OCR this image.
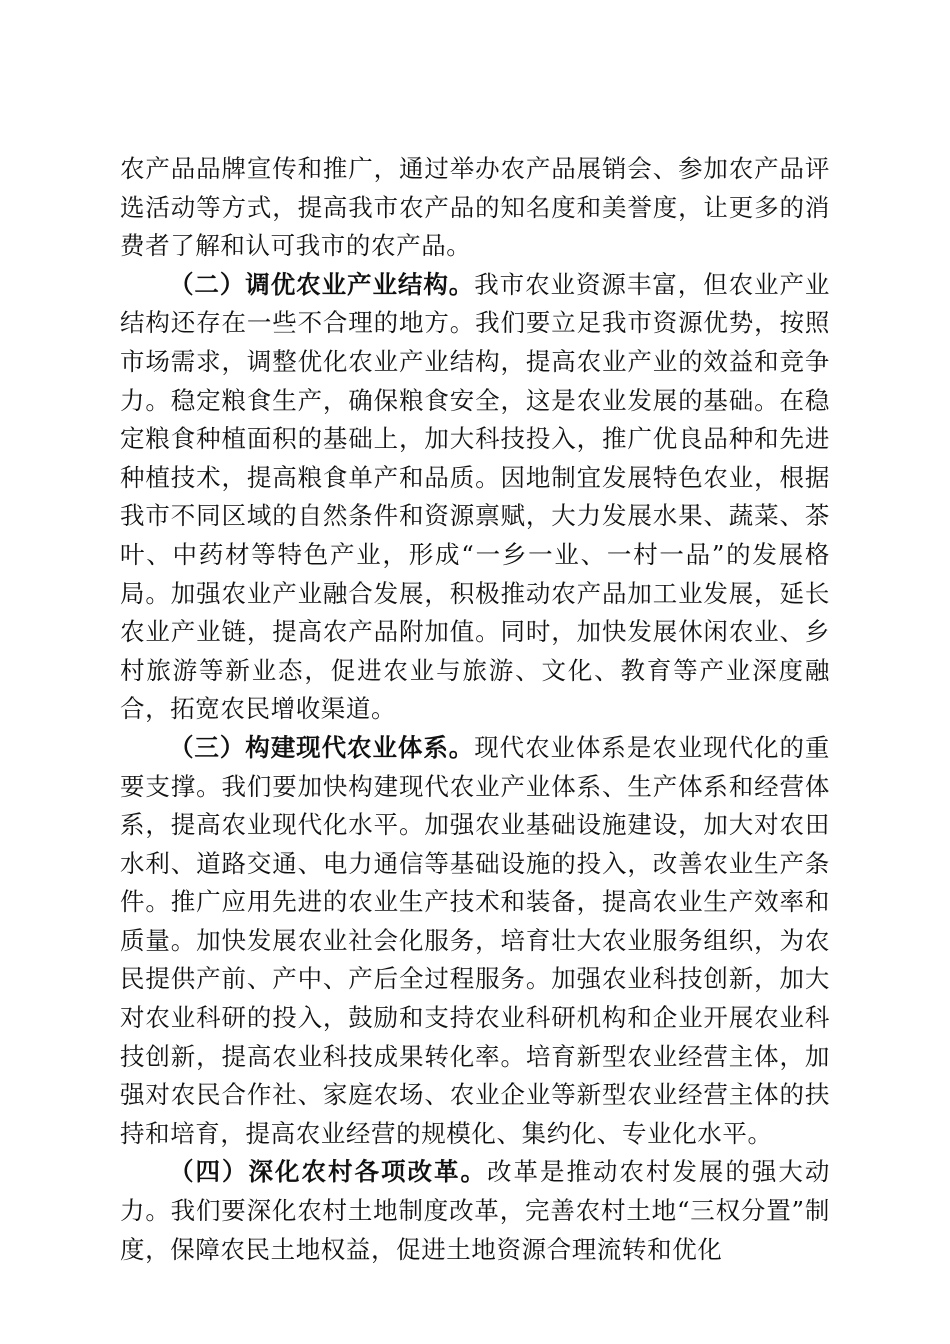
农产品品牌宣传和推广，通过举办农产品展销会、参加农产品评选活动等方式，提高我市农产品的知名度和美誉度，让更多的消费者了解和认可我市的农产品。

（二）调优农业产业结构。我市农业资源丰富，但农业产业结构还存在一些不合理的地方。我们要立足我市资源优势，按照市场需求，调整优化农业产业结构，提高农业产业的效益和竞争力。稳定粮食生产，确保粮食安全，这是农业发展的基础。在稳定粮食种植面积的基础上，加大科技投入，推广优良品种和先进种植技术，提高粮食单产和品质。因地制宜发展特色农业，根据我市不同区域的自然条件和资源禀赋，大力发展水果、蔬菜、茶叶、中药材等特色产业，形成“一乡一业、一村一品”的发展格局。加强农业产业融合发展，积极推动农产品加工业发展，延长农业产业链，提高农产品附加值。同时，加快发展休闲农业、乡村旅游等新业态，促进农业与旅游、文化、教育等产业深度融合，拓宽农民增收渠道。

（三）构建现代农业体系。现代农业体系是农业现代化的重要支撑。我们要加快构建现代农业产业体系、生产体系和经营体系，提高农业现代化水平。加强农业基础设施建设，加大对农田水利、道路交通、电力通信等基础设施的投入，改善农业生产条件。推广应用先进的农业生产技术和装备，提高农业生产效率和质量。加快发展农业社会化服务，培育壮大农业服务组织，为农民提供产前、产中、产后全过程服务。加强农业科技创新，加大对农业科研的投入，鼓励和支持农业科研机构和企业开展农业科技创新，提高农业科技成果转化率。培育新型农业经营主体，加强对农民合作社、家庭农场、农业企业等新型农业经营主体的扶持和培育，提高农业经营的规模化、集约化、专业化水平。

（四）深化农村各项改革。改革是推动农村发展的强大动力。我们要深化农村土地制度改革，完善农村土地“三权分置”制度，保障农民土地权益，促进土地资源合理流转和优化
